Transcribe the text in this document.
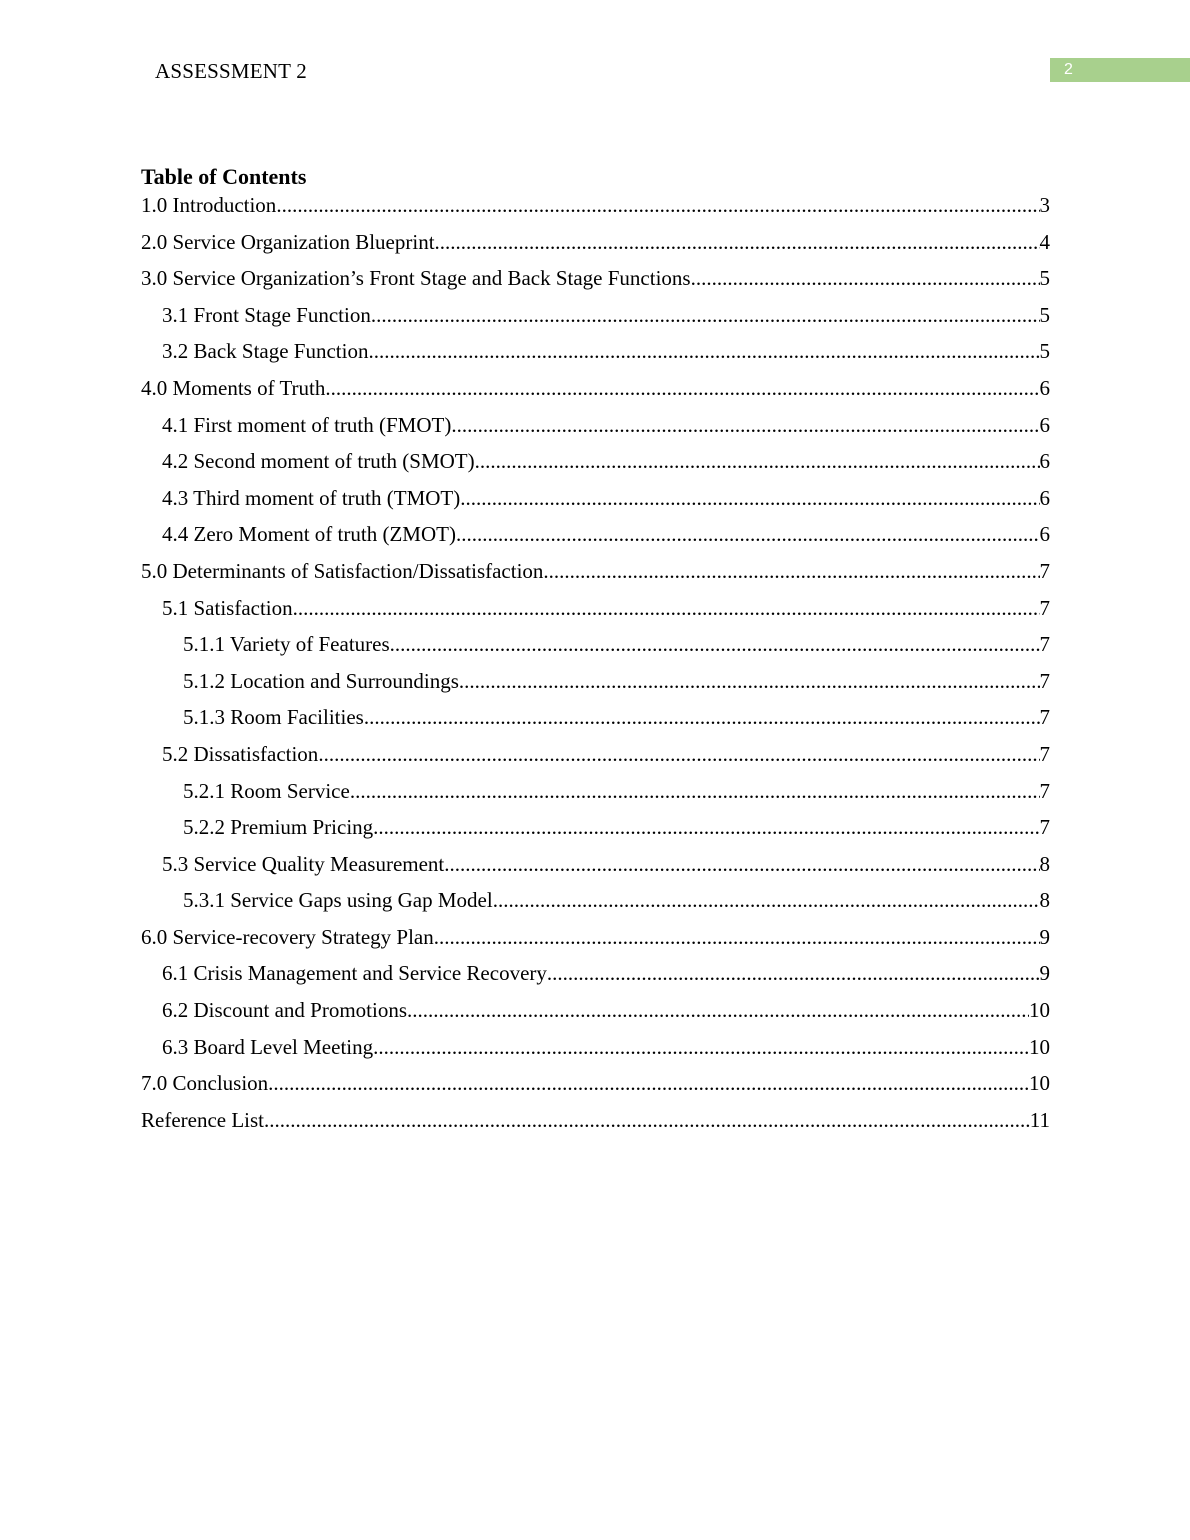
ASSESSMENT 2	2
Table of Contents
1.0 Introduction .....	3
2.0 Service Organization Blueprint .....	4
3.0 Service Organization’s Front Stage and Back Stage Functions .....	5
3.1 Front Stage Function .....	5
3.2 Back Stage Function .....	5
4.0 Moments of Truth .....	6
4.1 First moment of truth (FMOT) .....	6
4.2 Second moment of truth (SMOT) .....	6
4.3 Third moment of truth (TMOT) .....	6
4.4 Zero Moment of truth (ZMOT) .....	6
5.0 Determinants of Satisfaction/Dissatisfaction .....	7
5.1 Satisfaction .....	7
5.1.1 Variety of Features .....	7
5.1.2 Location and Surroundings .....	7
5.1.3 Room Facilities .....	7
5.2 Dissatisfaction .....	7
5.2.1 Room Service .....	7
5.2.2 Premium Pricing .....	7
5.3 Service Quality Measurement .....	8
5.3.1 Service Gaps using Gap Model .....	8
6.0 Service-recovery Strategy Plan .....	9
6.1 Crisis Management and Service Recovery .....	9
6.2 Discount and Promotions .....	10
6.3 Board Level Meeting .....	10
7.0 Conclusion .....	10
Reference List .....	11
